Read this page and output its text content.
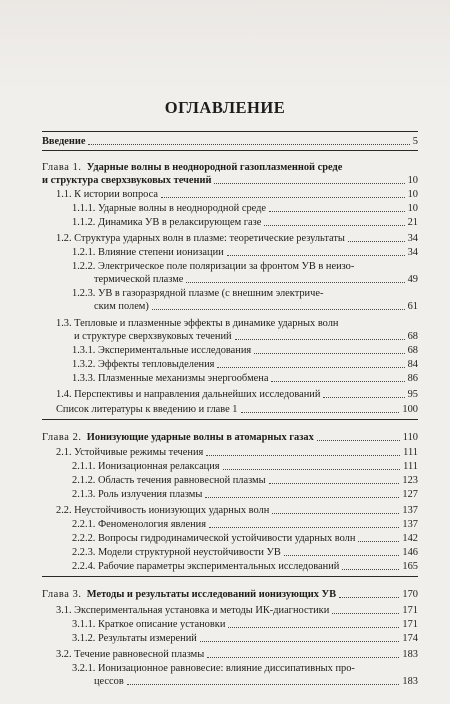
ОГЛАВЛЕНИЕ
Введение	5
Глава 1. Ударные волны в неоднородной газоплазменной среде
и структура сверхзвуковых течений	10
1.1. К истории вопроса	10
1.1.1. Ударные волны в неоднородной среде	10
1.1.2. Динамика УВ в релаксирующем газе	21
1.2. Структура ударных волн в плазме: теоретические результаты	34
1.2.1. Влияние степени ионизации	34
1.2.2. Электрическое поле поляризации за фронтом УВ в неизо-
термической плазме	49
1.2.3. УВ в газоразрядной плазме (с внешним электриче-
ским полем)	61
1.3. Тепловые и плазменные эффекты в динамике ударных волн
и структуре сверхзвуковых течений	68
1.3.1. Экспериментальные исследования	68
1.3.2. Эффекты тепловыделения	84
1.3.3. Плазменные механизмы энергообмена	86
1.4. Перспективы и направления дальнейших исследований	95
Список литературы к введению и главе 1	100
Глава 2. Ионизующие ударные волны в атомарных газах	110
2.1. Устойчивые режимы течения	111
2.1.1. Ионизационная релаксация	111
2.1.2. Область течения равновесной плазмы	123
2.1.3. Роль излучения плазмы	127
2.2. Неустойчивость ионизующих ударных волн	137
2.2.1. Феноменология явления	137
2.2.2. Вопросы гидродинамической устойчивости ударных волн	142
2.2.3. Модели структурной неустойчивости УВ	146
2.2.4. Рабочие параметры экспериментальных исследований	165
Глава 3. Методы и результаты исследований ионизующих УВ	170
3.1. Экспериментальная установка и методы ИК-диагностики	171
3.1.1. Краткое описание установки	171
3.1.2. Результаты измерений	174
3.2. Течение равновесной плазмы	183
3.2.1. Ионизационное равновесие: влияние диссипативных про-
цессов	183
